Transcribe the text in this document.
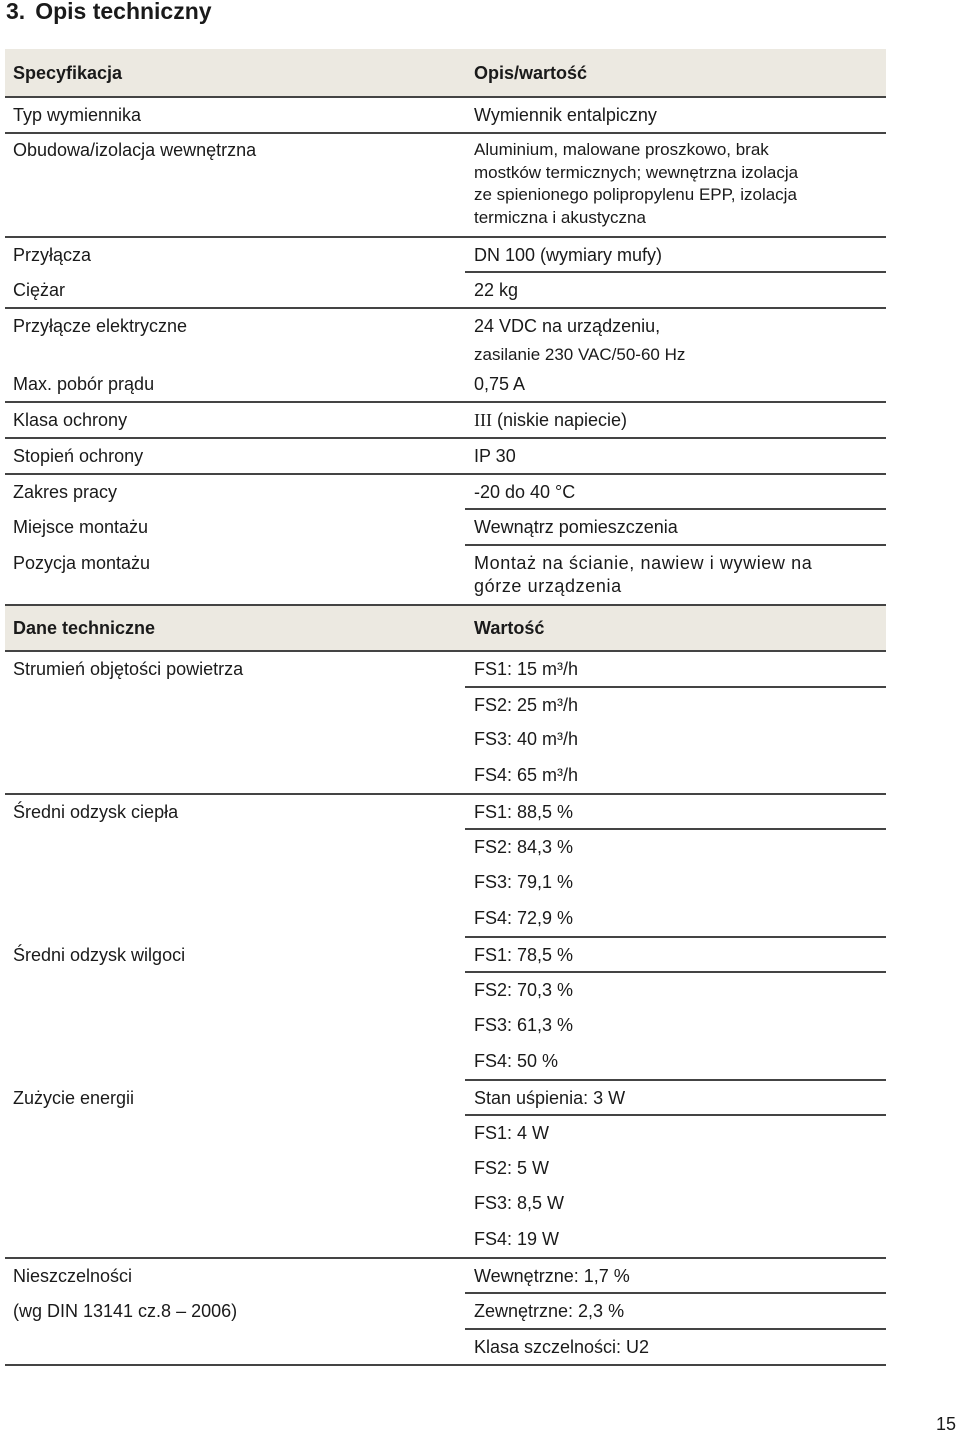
3. Opis techniczny
Specyfikacja	Opis/wartość
Typ wymiennika	Wymiennik entalpiczny
Obudowa/izolacja wewnętrzna	Aluminium, malowane proszkowo, brak
mostków termicznych; wewnętrzna izolacja
ze spienionego polipropylenu EPP, izolacja
termiczna i akustyczna
Przyłącza	DN 100 (wymiary mufy)
Ciężar	22 kg
Przyłącze elektryczne	24 VDC na urządzeniu,
zasilanie 230 VAC/50-60 Hz
Max. pobór prądu	0,75 A
Klasa ochrony	III (niskie napiecie)
Stopień ochrony	IP 30
Zakres pracy	-20 do 40 °C
Miejsce montażu	Wewnątrz pomieszczenia
Pozycja montażu	Montaż na ścianie, nawiew i wywiew na
górze urządzenia
Dane techniczne	Wartość
Strumień objętości powietrza	FS1: 15 m³/h
FS2: 25 m³/h
FS3: 40 m³/h
FS4: 65 m³/h
Średni odzysk ciepła	FS1: 88,5 %
FS2: 84,3 %
FS3: 79,1 %
FS4: 72,9 %
Średni odzysk wilgoci	FS1: 78,5 %
FS2: 70,3 %
FS3: 61,3 %
FS4: 50 %
Zużycie energii	Stan uśpienia: 3 W
FS1: 4 W
FS2: 5 W
FS3: 8,5 W
FS4: 19 W
Nieszczelności	Wewnętrzne: 1,7 %
(wg DIN 13141 cz.8 – 2006)	Zewnętrzne: 2,3 %
Klasa szczelności: U2
15
